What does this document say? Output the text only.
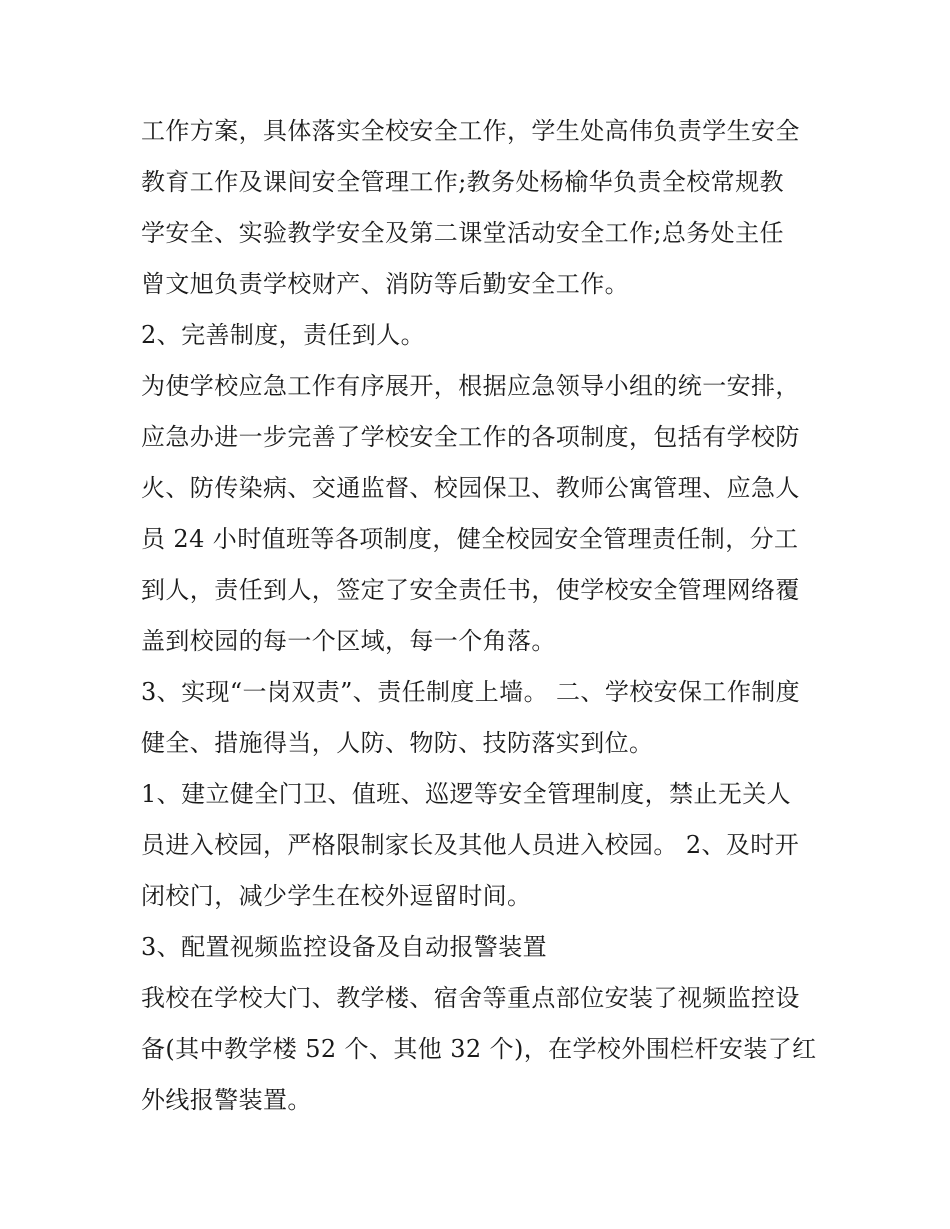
工作方案，具体落实全校安全工作，学生处高伟负责学生安全
教育工作及课间安全管理工作;教务处杨榆华负责全校常规教
学安全、实验教学安全及第二课堂活动安全工作;总务处主任
曾文旭负责学校财产、消防等后勤安全工作。
2、完善制度，责任到人。
为使学校应急工作有序展开，根据应急领导小组的统一安排，
应急办进一步完善了学校安全工作的各项制度，包括有学校防
火、防传染病、交通监督、校园保卫、教师公寓管理、应急人
员 24 小时值班等各项制度，健全校园安全管理责任制，分工
到人，责任到人，签定了安全责任书，使学校安全管理网络覆
盖到校园的每一个区域，每一个角落。
3、实现“一岗双责”、责任制度上墙。 二、学校安保工作制度
健全、措施得当，人防、物防、技防落实到位。
1、建立健全门卫、值班、巡逻等安全管理制度，禁止无关人
员进入校园，严格限制家长及其他人员进入校园。 2、及时开
闭校门，减少学生在校外逗留时间。
3、配置视频监控设备及自动报警装置
我校在学校大门、教学楼、宿舍等重点部位安装了视频监控设
备(其中教学楼 52 个、其他 32 个)，在学校外围栏杆安装了红
外线报警装置。
